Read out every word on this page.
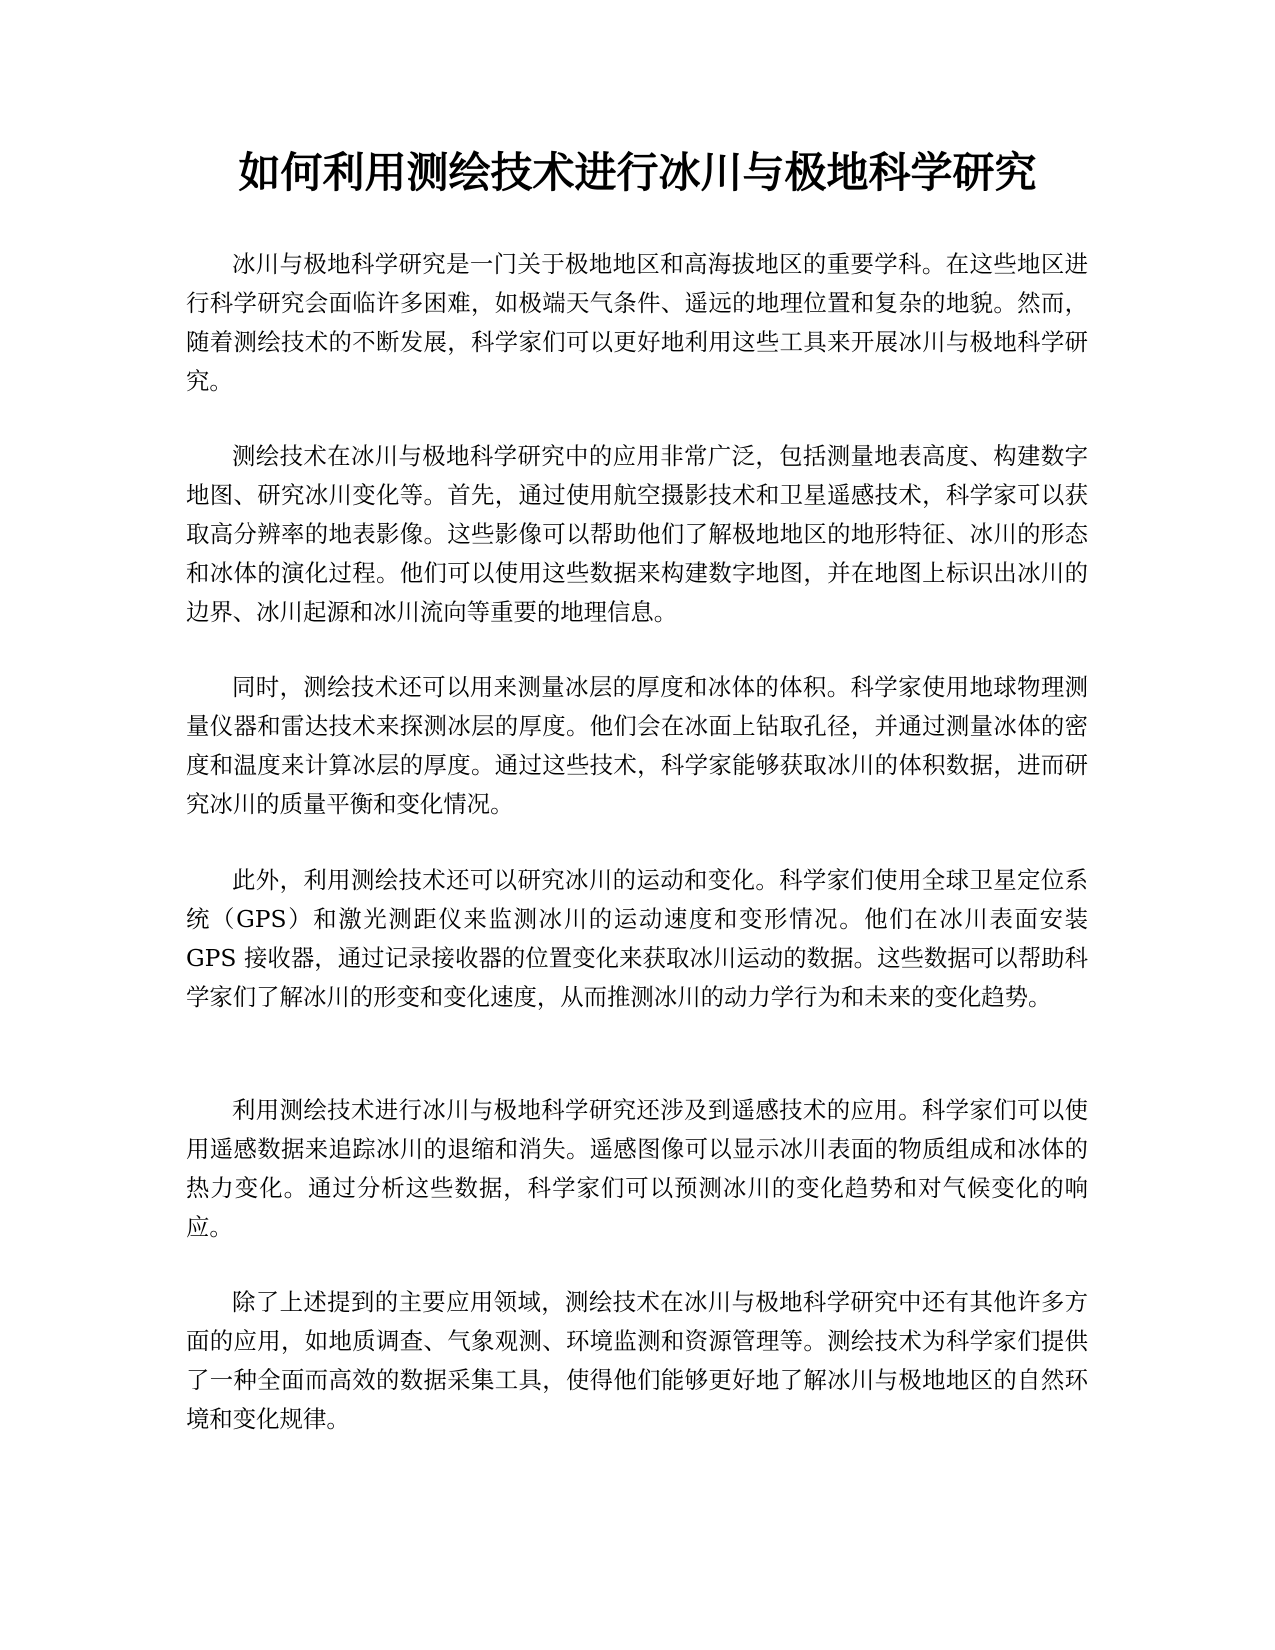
如何利用测绘技术进行冰川与极地科学研究

冰川与极地科学研究是一门关于极地地区和高海拔地区的重要学科。在这些地区进行科学研究会面临许多困难，如极端天气条件、遥远的地理位置和复杂的地貌。然而，随着测绘技术的不断发展，科学家们可以更好地利用这些工具来开展冰川与极地科学研究。

测绘技术在冰川与极地科学研究中的应用非常广泛，包括测量地表高度、构建数字地图、研究冰川变化等。首先，通过使用航空摄影技术和卫星遥感技术，科学家可以获取高分辨率的地表影像。这些影像可以帮助他们了解极地地区的地形特征、冰川的形态和冰体的演化过程。他们可以使用这些数据来构建数字地图，并在地图上标识出冰川的边界、冰川起源和冰川流向等重要的地理信息。

同时，测绘技术还可以用来测量冰层的厚度和冰体的体积。科学家使用地球物理测量仪器和雷达技术来探测冰层的厚度。他们会在冰面上钻取孔径，并通过测量冰体的密度和温度来计算冰层的厚度。通过这些技术，科学家能够获取冰川的体积数据，进而研究冰川的质量平衡和变化情况。

此外，利用测绘技术还可以研究冰川的运动和变化。科学家们使用全球卫星定位系统（GPS）和激光测距仪来监测冰川的运动速度和变形情况。他们在冰川表面安装 GPS 接收器，通过记录接收器的位置变化来获取冰川运动的数据。这些数据可以帮助科学家们了解冰川的形变和变化速度，从而推测冰川的动力学行为和未来的变化趋势。

利用测绘技术进行冰川与极地科学研究还涉及到遥感技术的应用。科学家们可以使用遥感数据来追踪冰川的退缩和消失。遥感图像可以显示冰川表面的物质组成和冰体的热力变化。通过分析这些数据，科学家们可以预测冰川的变化趋势和对气候变化的响应。

除了上述提到的主要应用领域，测绘技术在冰川与极地科学研究中还有其他许多方面的应用，如地质调查、气象观测、环境监测和资源管理等。测绘技术为科学家们提供了一种全面而高效的数据采集工具，使得他们能够更好地了解冰川与极地地区的自然环境和变化规律。
